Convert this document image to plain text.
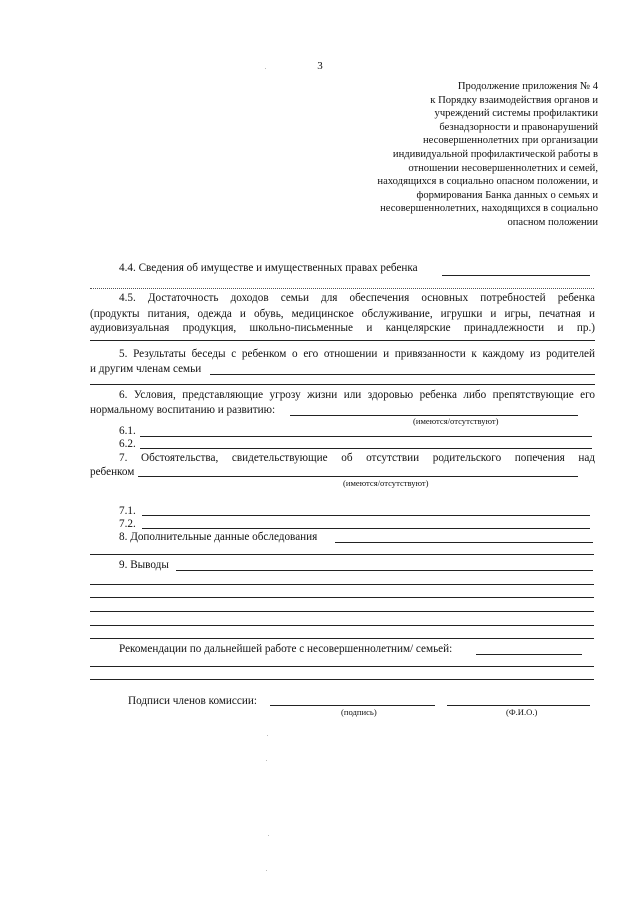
3
Продолжение приложения № 4
к Порядку взаимодействия органов и
учреждений системы профилактики
безнадзорности и правонарушений
несовершеннолетних при организации
индивидуальной профилактической работы в
отношении несовершеннолетних и семей,
находящихся в социально опасном положении, и
формирования Банка данных о семьях и
несовершеннолетних, находящихся в социально
опасном положении
4.4. Сведения об имуществе и имущественных правах ребенка
4.5. Достаточность доходов семьи для обеспечения основных потребностей ребенка
(продукты питания, одежда и обувь, медицинское обслуживание, игрушки и игры, печатная и
аудиовизуальная продукция, школьно-письменные и канцелярские принадлежности и пр.)
5. Результаты беседы с ребенком о его отношении и привязанности к каждому из родителей
и другим членам семьи
6. Условия, представляющие угрозу жизни или здоровью ребенка либо препятствующие его
нормальному воспитанию и развитию:
(имеются/отсутствуют)
6.1.
6.2.
7. Обстоятельства, свидетельствующие об отсутствии родительского попечения над
ребенком
(имеются/отсутствуют)
7.1.
7.2.
8. Дополнительные данные обследования
9. Выводы
Рекомендации по дальнейшей работе с несовершеннолетним/ семьей:
Подписи членов комиссии:
(подпись)	(Ф.И.О.)
